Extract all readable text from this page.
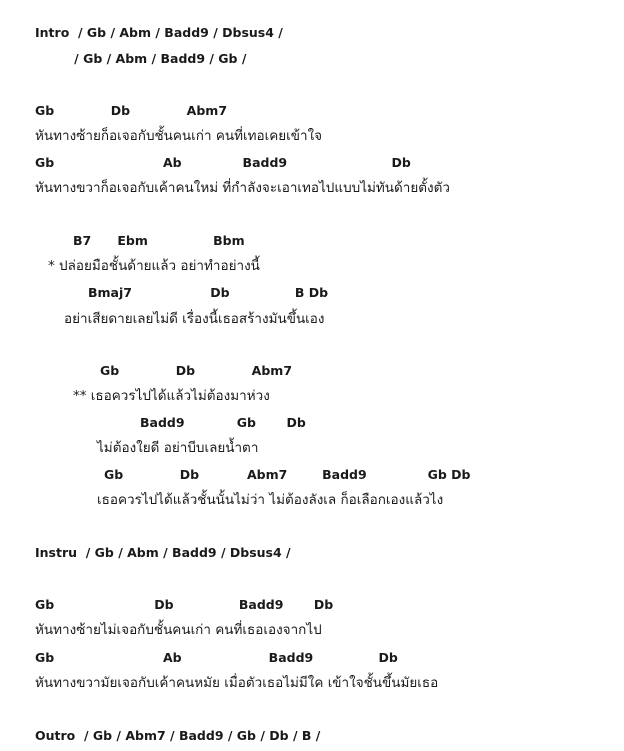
Intro  / Gb / Abm / Badd9 / Dbsus4 /
/ Gb / Abm / Badd9 / Gb /
Gb             Db             Abm7
หันทางซ้ายก็อเจอกับชั้นคนเก่า คนที่เทอเคยเข้าใจ
Gb                         Ab              Badd9                        Db
หันทางขวาก็อเจอกับเค้าคนใหม่ ที่กำลังจะเอาเทอไปแบบไม่ทันด้ายตั้งตัว
B7      Ebm               Bbm
* ปล่อยมือชั้นด้ายแล้ว อย่าทำอย่างนี้
Bmaj7                  Db               B Db
อย่าเสียดายเลยไม่ดี เรื่องนี้เธอสร้างมันขึ้นเอง
Gb             Db             Abm7
** เธอควรไปได้แล้วไม่ต้องมาห่วง
Badd9            Gb       Db
ไม่ต้องใยดี อย่าบีบเลยน้ำตา
Gb             Db           Abm7        Badd9              Gb Db
เธอควรไปได้แล้วชั้นนั้นไม่ว่า ไม่ต้องลังเล ก็อเลือกเองแล้วไง
Instru  / Gb / Abm / Badd9 / Dbsus4 /
Gb                       Db               Badd9       Db
หันทางซ้ายไม่เจอกับชั้นคนเก่า คนที่เธอเองจากไป
Gb                         Ab                    Badd9               Db
หันทางขวามัยเจอกับเค้าคนหมัย เมื่อตัวเธอไม่มีใค เข้าใจชั้นขึ้นมัยเธอ
Outro  / Gb / Abm7 / Badd9 / Gb / Db / B /
